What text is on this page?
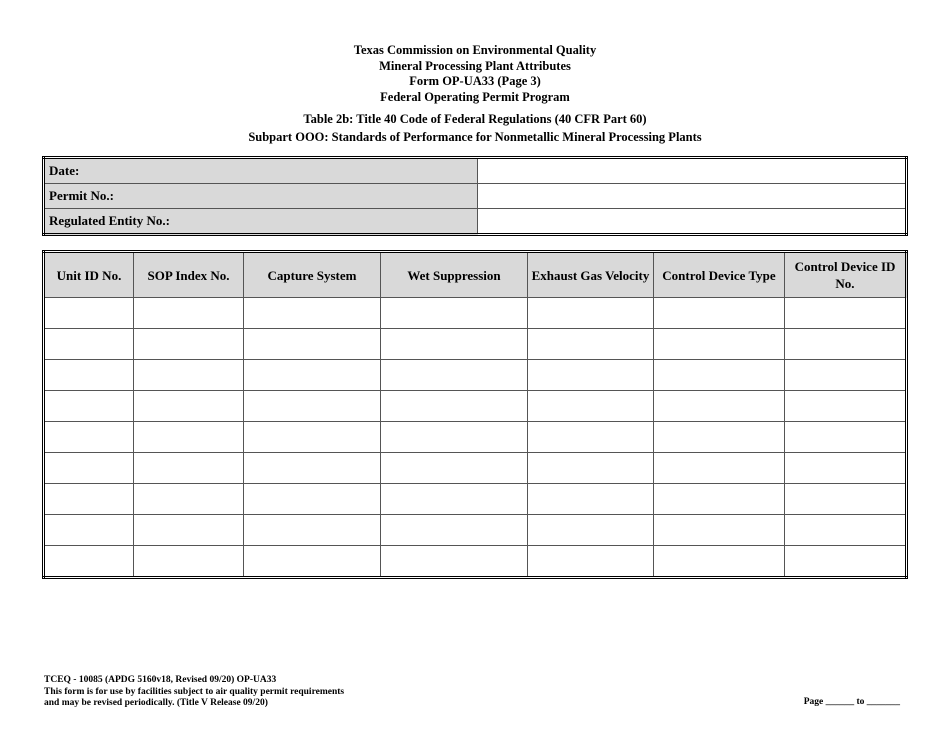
Texas Commission on Environmental Quality
Mineral Processing Plant Attributes
Form OP-UA33 (Page 3)
Federal Operating Permit Program
Table 2b: Title 40 Code of Federal Regulations (40 CFR Part 60)
Subpart OOO: Standards of Performance for Nonmetallic Mineral Processing Plants
Date:	
Permit No.:	
Regulated Entity No.:	
Unit ID No.	SOP Index No.	Capture System	Wet Suppression	Exhaust Gas Velocity	Control Device Type	Control Device ID No.

TCEQ - 10085 (APDG 5160v18, Revised 09/20) OP-UA33
This form is for use by facilities subject to air quality permit requirements
and may be revised periodically. (Title V Release 09/20)	Page ______ to _______
